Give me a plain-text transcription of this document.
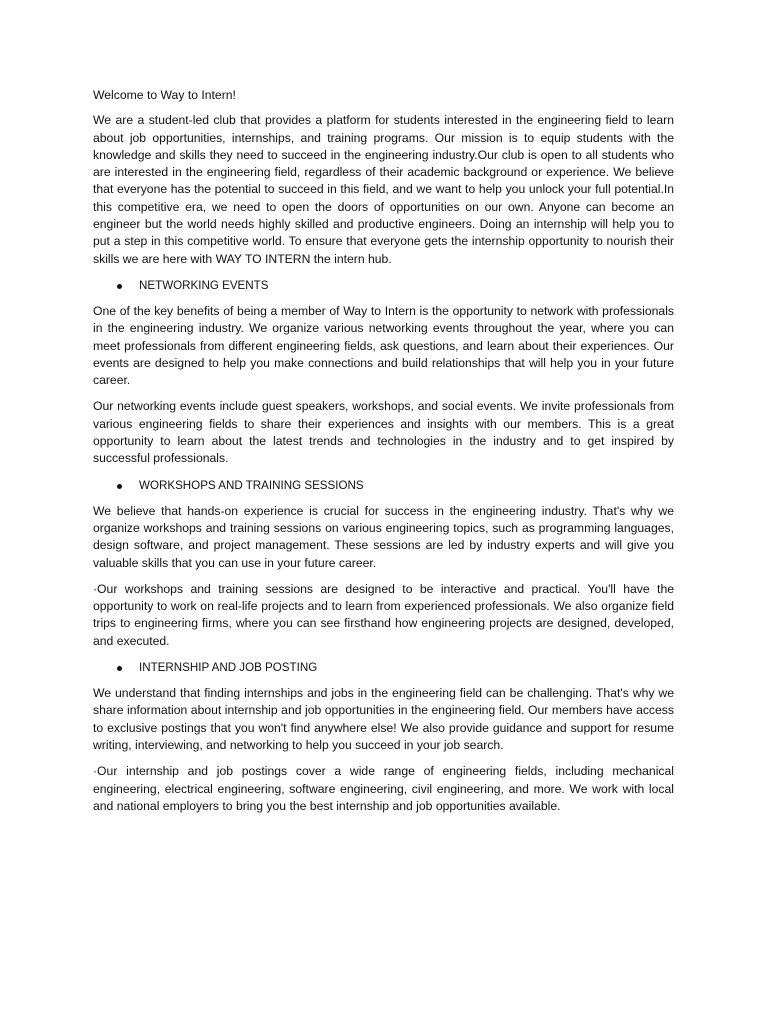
Welcome to Way to Intern!

We are a student-led club that provides a platform for students interested in the engineering field to learn about job opportunities, internships, and training programs. Our mission is to equip students with the knowledge and skills they need to succeed in the engineering industry.Our club is open to all students who are interested in the engineering field, regardless of their academic background or experience. We believe that everyone has the potential to succeed in this field, and we want to help you unlock your full potential.In this competitive era, we need to open the doors of opportunities on our own. Anyone can become an engineer but the world needs highly skilled and productive engineers. Doing an internship will help you to put a step in this competitive world. To ensure that everyone gets the internship opportunity to nourish their skills we are here with WAY TO INTERN the intern hub.

NETWORKING EVENTS

One of the key benefits of being a member of Way to Intern is the opportunity to network with professionals in the engineering industry. We organize various networking events throughout the year, where you can meet professionals from different engineering fields, ask questions, and learn about their experiences. Our events are designed to help you make connections and build relationships that will help you in your future career.

Our networking events include guest speakers, workshops, and social events. We invite professionals from various engineering fields to share their experiences and insights with our members. This is a great opportunity to learn about the latest trends and technologies in the industry and to get inspired by successful professionals.

WORKSHOPS AND TRAINING SESSIONS

We believe that hands-on experience is crucial for success in the engineering industry. That's why we organize workshops and training sessions on various engineering topics, such as programming languages, design software, and project management. These sessions are led by industry experts and will give you valuable skills that you can use in your future career.

·Our workshops and training sessions are designed to be interactive and practical. You'll have the opportunity to work on real-life projects and to learn from experienced professionals. We also organize field trips to engineering firms, where you can see firsthand how engineering projects are designed, developed, and executed.

INTERNSHIP AND JOB POSTING

We understand that finding internships and jobs in the engineering field can be challenging. That's why we share information about internship and job opportunities in the engineering field. Our members have access to exclusive postings that you won't find anywhere else! We also provide guidance and support for resume writing, interviewing, and networking to help you succeed in your job search.

·Our internship and job postings cover a wide range of engineering fields, including mechanical engineering, electrical engineering, software engineering, civil engineering, and more. We work with local and national employers to bring you the best internship and job opportunities available.
